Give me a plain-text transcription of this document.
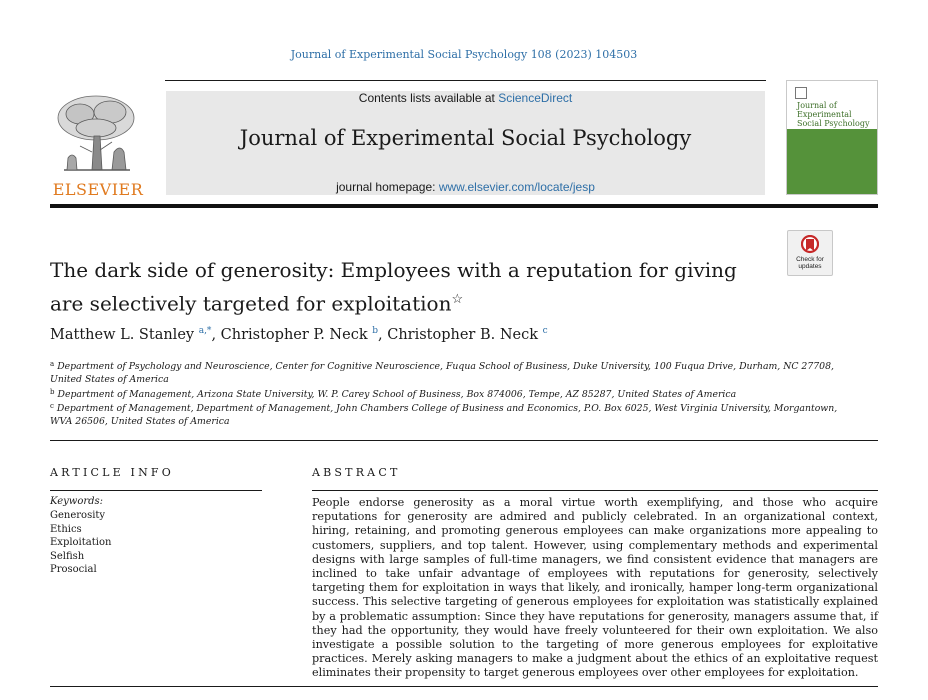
Journal of Experimental Social Psychology 108 (2023) 104503
ELSEVIER
Contents lists available at ScienceDirect
Journal of Experimental Social Psychology
journal homepage: www.elsevier.com/locate/jesp
Journal of Experimental Social Psychology
Check for
updates
The dark side of generosity: Employees with a reputation for giving are selectively targeted for exploitation☆
Matthew L. Stanley $^{a,*}$, Christopher P. Neck $^b$, Christopher B. Neck $^c$
$^a$ Department of Psychology and Neuroscience, Center for Cognitive Neuroscience, Fuqua School of Business, Duke University, 100 Fuqua Drive, Durham, NC 27708, United States of America
$^b$ Department of Management, Arizona State University, W. P. Carey School of Business, Box 874006, Tempe, AZ 85287, United States of America
$^c$ Department of Management, Department of Management, John Chambers College of Business and Economics, P.O. Box 6025, West Virginia University, Morgantown, WVA 26506, United States of America
ARTICLE INFO
Keywords:
Generosity
Ethics
Exploitation
Selfish
Prosocial
ABSTRACT
People endorse generosity as a moral virtue worth exemplifying, and those who acquire reputations for generosity are admired and publicly celebrated. In an organizational context, hiring, retaining, and promoting generous employees can make organizations more appealing to customers, suppliers, and top talent. However, using complementary methods and experimental designs with large samples of full-time managers, we find consistent evidence that managers are inclined to take unfair advantage of employees with reputations for generosity, selectively targeting them for exploitation in ways that likely, and ironically, hamper long-term organizational success. This selective targeting of generous employees for exploitation was statistically explained by a problematic assumption: Since they have reputations for generosity, managers assume that, if they had the opportunity, they would have freely volunteered for their own exploitation. We also investigate a possible solution to the targeting of more generous employees for exploitative practices. Merely asking managers to make a judgment about the ethics of an exploitative request eliminates their propensity to target generous employees over other employees for exploitation.
